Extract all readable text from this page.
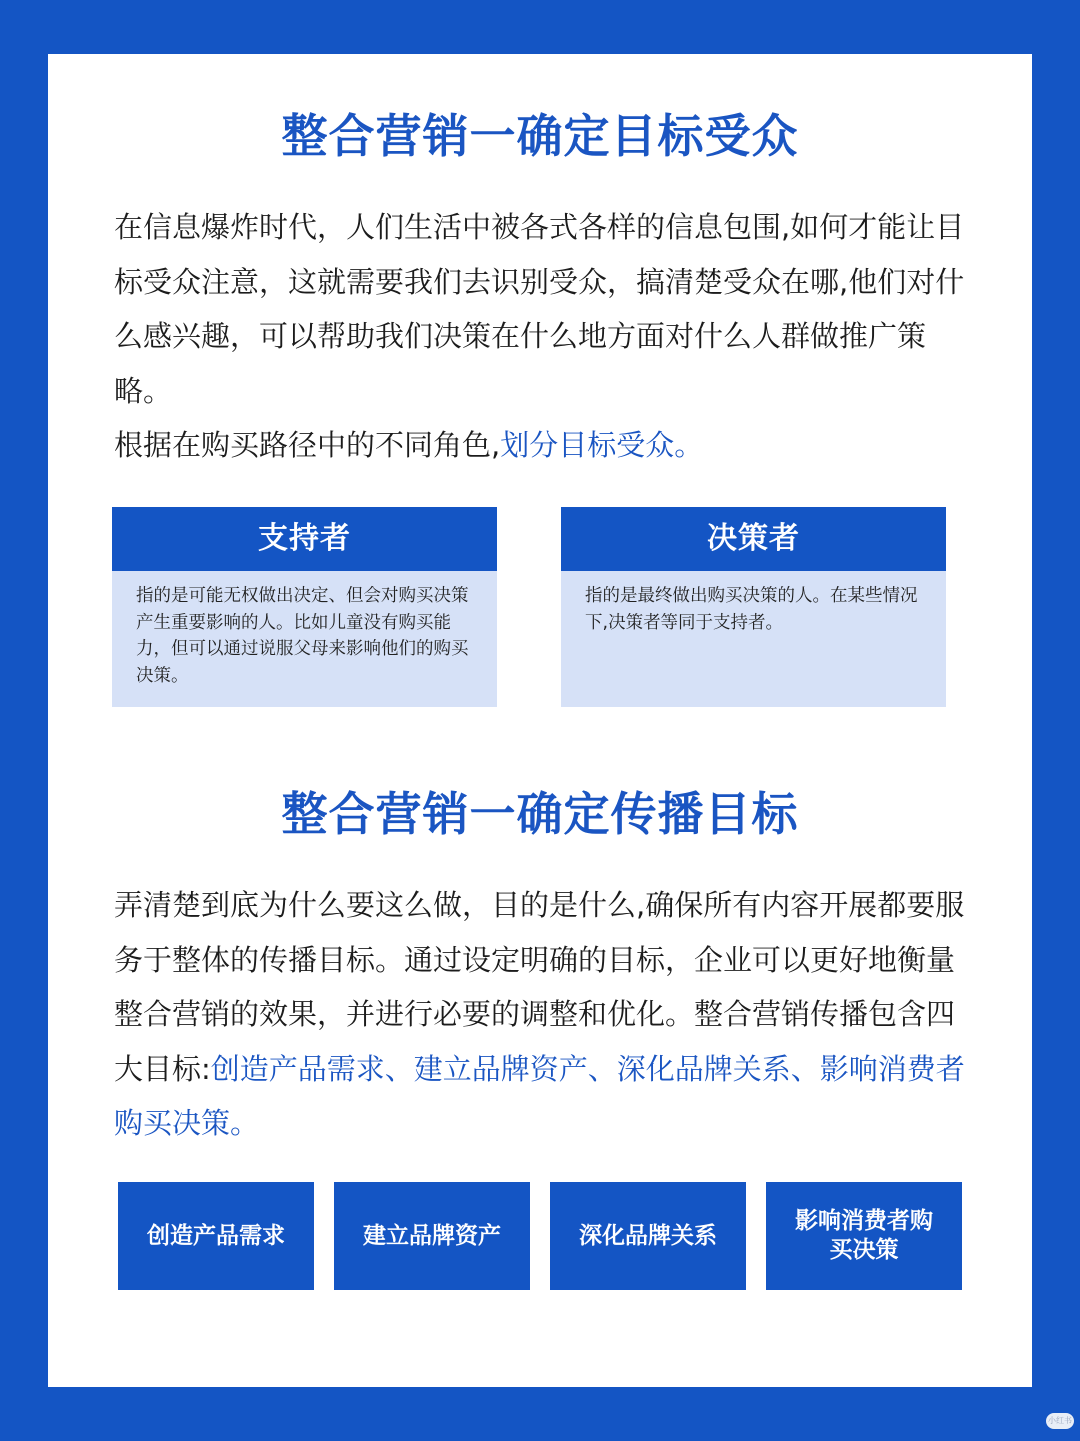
整合营销一确定目标受众

在信息爆炸时代，人们生活中被各式各样的信息包围,如何才能让目标受众注意，这就需要我们去识别受众，搞清楚受众在哪,他们对什么感兴趣，可以帮助我们决策在什么地方面对什么人群做推广策略。

根据在购买路径中的不同角色,划分目标受众。

支持者
指的是可能无权做出决定、但会对购买决策产生重要影响的人。比如儿童没有购买能力，但可以通过说服父母来影响他们的购买决策。
决策者
指的是最终做出购买决策的人。在某些情况下,决策者等同于支持者。
整合营销一确定传播目标

弄清楚到底为什么要这么做，目的是什么,确保所有内容开展都要服务于整体的传播目标。通过设定明确的目标，企业可以更好地衡量整合营销的效果，并进行必要的调整和优化。整合营销传播包含四大目标:创造产品需求、建立品牌资产、深化品牌关系、影响消费者购买决策。

创造产品需求	建立品牌资产	深化品牌关系
影响消费者购买决策
小红书
